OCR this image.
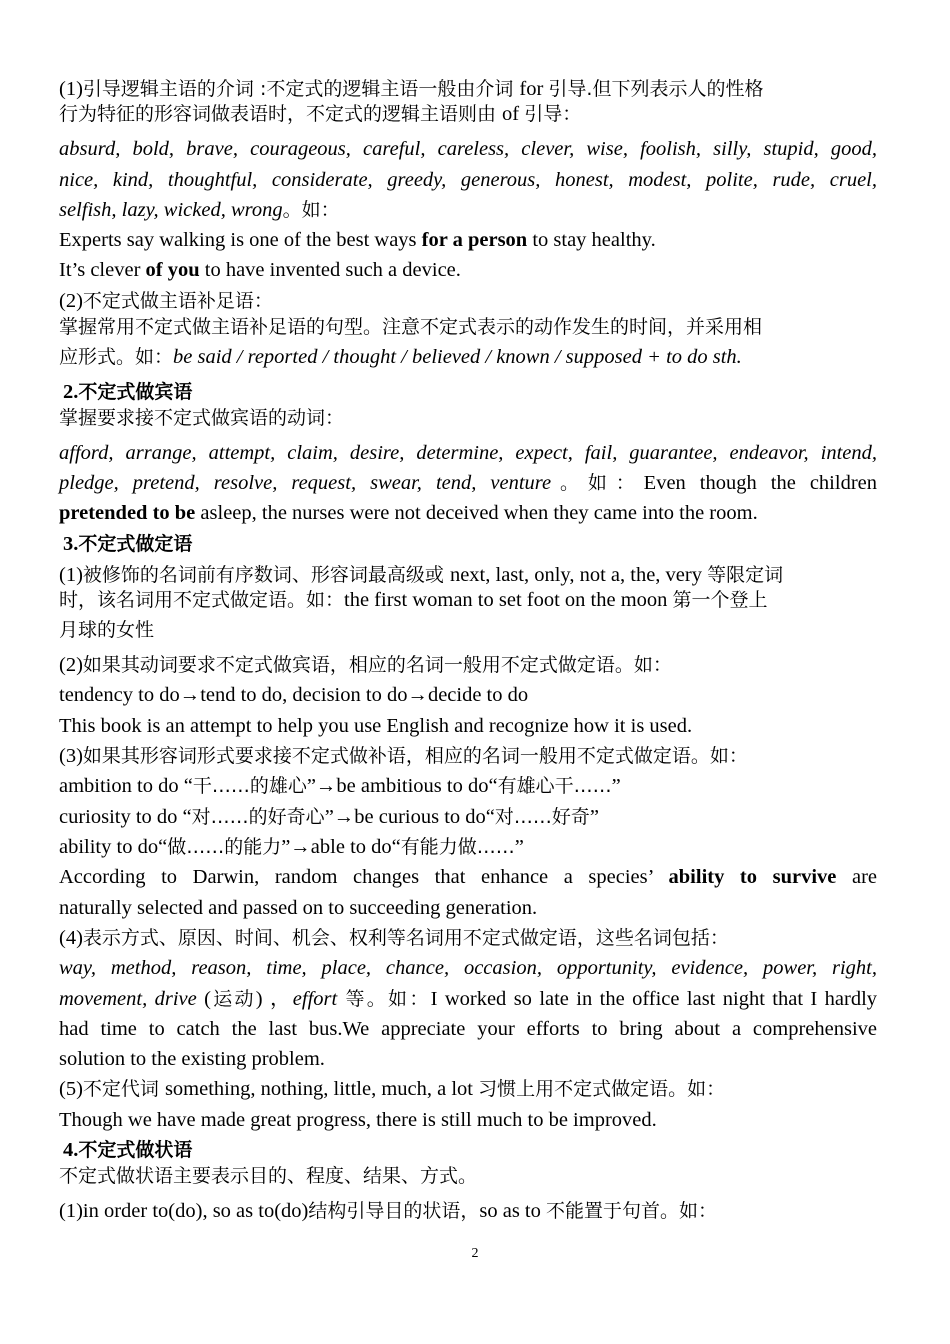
(1)引导逻辑主语的介词 :不定式的逻辑主语一般由介词 for 引导.但下列表示人的性格
行为特征的形容词做表语时，不定式的逻辑主语则由 of 引导：
absurd, bold, brave, courageous, careful, careless, clever, wise, foolish, silly, stupid, good,
nice, kind, thoughtful, considerate, greedy, generous, honest, modest, polite, rude, cruel,
selfish, lazy, wicked, wrong。如：
Experts say walking is one of the best ways for a person to stay healthy.
It’s clever of you to have invented such a device.
(2)不定式做主语补足语：
掌握常用不定式做主语补足语的句型。注意不定式表示的动作发生的时间，并采用相
应形式。如：be said / reported / thought / believed / known / supposed + to do sth.
2.不定式做宾语
掌握要求接不定式做宾语的动词：
afford, arrange, attempt, claim, desire, determine, expect, fail, guarantee, endeavor, intend,
pledge, pretend, resolve, request, swear, tend, venture。如：Even though the children
pretended to be asleep, the nurses were not deceived when they came into the room.
3.不定式做定语
(1)被修饰的名词前有序数词、形容词最高级或 next, last, only, not a, the, very 等限定词
时，该名词用不定式做定语。如：the first woman to set foot on the moon 第一个登上
月球的女性
(2)如果其动词要求不定式做宾语，相应的名词一般用不定式做定语。如：
tendency to do→tend to do, decision to do→decide to do
This book is an attempt to help you use English and recognize how it is used.
(3)如果其形容词形式要求接不定式做补语，相应的名词一般用不定式做定语。如：
ambition to do “干……的雄心”→be ambitious to do“有雄心干……”
curiosity to do “对……的好奇心”→be curious to do“对……好奇”
ability to do“做……的能力”→able to do“有能力做……”
According to Darwin, random changes that enhance a species’ ability to survive are
naturally selected and passed on to succeeding generation.
(4)表示方式、原因、时间、机会、权利等名词用不定式做定语，这些名词包括：
way, method, reason, time, place, chance, occasion, opportunity, evidence, power, right,
movement, drive (运动) ，effort 等。如：I worked so late in the office last night that I hardly
had time to catch the last bus.We appreciate your efforts to bring about a comprehensive
solution to the existing problem.
(5)不定代词 something, nothing, little, much, a lot 习惯上用不定式做定语。如：
Though we have made great progress, there is still much to be improved.
4.不定式做状语
不定式做状语主要表示目的、程度、结果、方式。
(1)in order to(do), so as to(do)结构引导目的状语，so as to 不能置于句首。如：
2
